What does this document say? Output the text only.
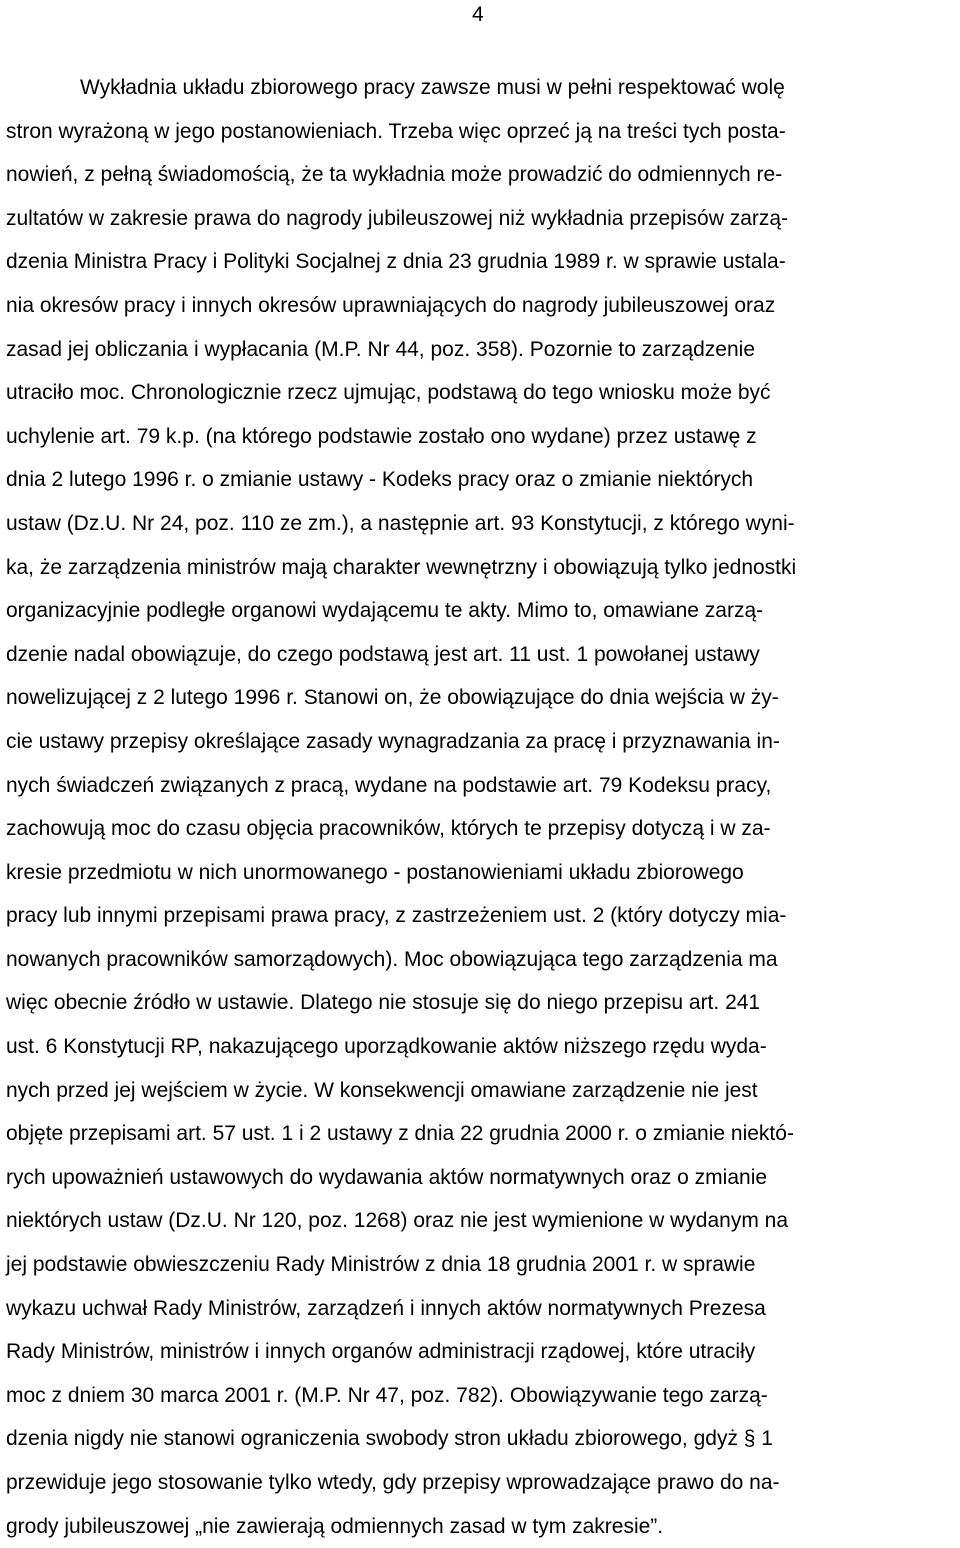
4
Wykładnia układu zbiorowego pracy zawsze musi w pełni respektować wolę
stron wyrażoną w jego postanowieniach. Trzeba więc oprzeć ją na treści tych posta-
nowień, z pełną świadomością, że ta wykładnia może prowadzić do odmiennych re-
zultatów w zakresie prawa do nagrody jubileuszowej niż wykładnia przepisów zarzą-
dzenia Ministra Pracy i Polityki Socjalnej z dnia 23 grudnia 1989 r. w sprawie ustala-
nia okresów pracy i innych okresów uprawniających do nagrody jubileuszowej oraz
zasad jej obliczania i wypłacania (M.P. Nr 44, poz. 358). Pozornie to zarządzenie
utraciło moc. Chronologicznie rzecz ujmując, podstawą do tego wniosku może być
uchylenie art. 79 k.p. (na którego podstawie zostało ono wydane) przez ustawę z
dnia 2 lutego 1996 r. o zmianie ustawy - Kodeks pracy oraz o zmianie niektórych
ustaw (Dz.U. Nr 24, poz. 110 ze zm.), a następnie art. 93 Konstytucji, z którego wyni-
ka, że zarządzenia ministrów mają charakter wewnętrzny i obowiązują tylko jednostki
organizacyjnie podległe organowi wydającemu te akty. Mimo to, omawiane zarzą-
dzenie nadal obowiązuje, do czego podstawą jest art. 11 ust. 1 powołanej ustawy
nowelizującej z 2 lutego 1996 r. Stanowi on, że obowiązujące do dnia wejścia w ży-
cie ustawy przepisy określające zasady wynagradzania za pracę i przyznawania in-
nych świadczeń związanych z pracą, wydane na podstawie art. 79 Kodeksu pracy,
zachowują moc do czasu objęcia pracowników, których te przepisy dotyczą i w za-
kresie przedmiotu w nich unormowanego - postanowieniami układu zbiorowego
pracy lub innymi przepisami prawa pracy, z zastrzeżeniem ust. 2 (który dotyczy mia-
nowanych pracowników samorządowych). Moc obowiązująca tego zarządzenia ma
więc obecnie źródło w ustawie. Dlatego nie stosuje się do niego przepisu art. 241
ust. 6 Konstytucji RP, nakazującego uporządkowanie aktów niższego rzędu wyda-
nych przed jej wejściem w życie. W konsekwencji omawiane zarządzenie nie jest
objęte przepisami art. 57 ust. 1 i 2 ustawy z dnia 22 grudnia 2000 r. o zmianie niektó-
rych upoważnień ustawowych do wydawania aktów normatywnych oraz o zmianie
niektórych ustaw (Dz.U. Nr 120, poz. 1268) oraz nie jest wymienione w wydanym na
jej podstawie obwieszczeniu Rady Ministrów z dnia 18 grudnia 2001 r. w sprawie
wykazu uchwał Rady Ministrów, zarządzeń i innych aktów normatywnych Prezesa
Rady Ministrów, ministrów i innych organów administracji rządowej, które utraciły
moc z dniem 30 marca 2001 r. (M.P. Nr 47, poz. 782). Obowiązywanie tego zarzą-
dzenia nigdy nie stanowi ograniczenia swobody stron układu zbiorowego, gdyż § 1
przewiduje jego stosowanie tylko wtedy, gdy przepisy wprowadzające prawo do na-
grody jubileuszowej „nie zawierają odmiennych zasad w tym zakresie”.
